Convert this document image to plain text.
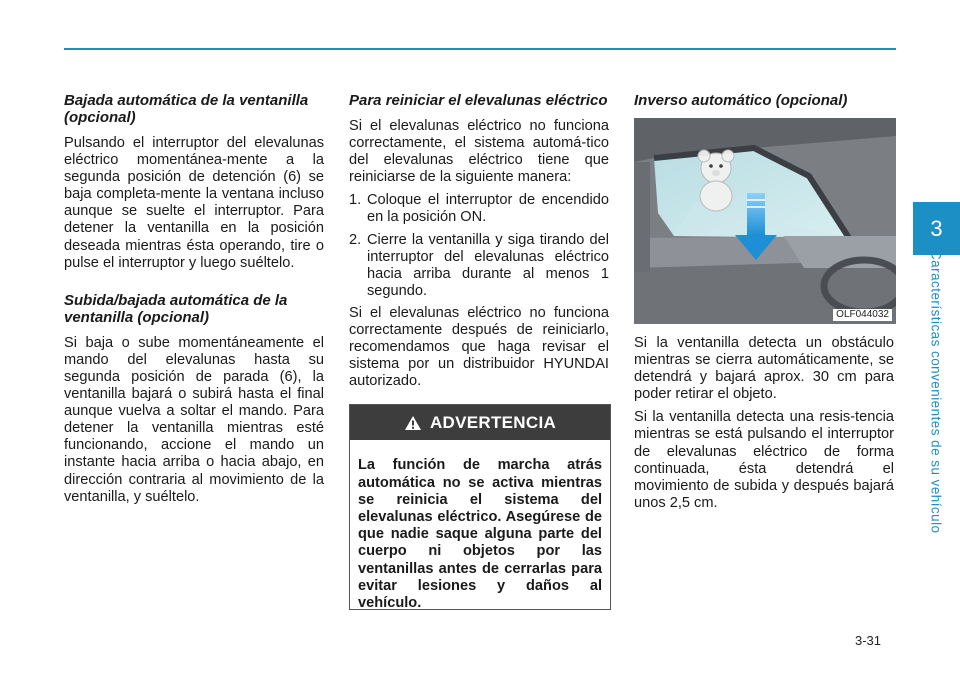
Bajada automática de la ventanilla (opcional)
Pulsando el interruptor del elevalunas eléctrico momentánea-mente a la segunda posición de detención (6) se baja completa-mente la ventana incluso aunque se suelte el interruptor. Para detener la ventanilla en la posición deseada mientras ésta operando, tire o pulse el interruptor y luego suéltelo.
Subida/bajada automática de la ventanilla (opcional)
Si baja o sube momentáneamente el mando del elevalunas hasta su segunda posición de parada (6), la ventanilla bajará o subirá hasta el final aunque vuelva a soltar el mando. Para detener la ventanilla mientras esté funcionando, accione el mando un instante hacia arriba o hacia abajo, en dirección contraria al movimiento de la ventanilla, y suéltelo.
Para reiniciar el elevalunas eléctrico
Si el elevalunas eléctrico no funciona correctamente, el sistema automá-tico del elevalunas eléctrico tiene que reiniciarse de la siguiente manera:
1. Coloque el interruptor de encendido en la posición ON.
2. Cierre la ventanilla y siga tirando del interruptor del elevalunas eléctrico hacia arriba durante al menos 1 segundo.
Si el elevalunas eléctrico no funciona correctamente después de reiniciarlo, recomendamos que haga revisar el sistema por un distribuidor HYUNDAI autorizado.
ADVERTENCIA
La función de marcha atrás automática no se activa mientras se reinicia el sistema del elevalunas eléctrico. Asegúrese de que nadie saque alguna parte del cuerpo ni objetos por las ventanillas antes de cerrarlas para evitar lesiones y daños al vehículo.
Inverso automático (opcional)
OLF044032
Si la ventanilla detecta un obstáculo mientras se cierra automáticamente, se detendrá y bajará aprox. 30 cm para poder retirar el objeto.
Si la ventanilla detecta una resis-tencia mientras se está pulsando el interruptor de elevalunas eléctrico de forma continuada, ésta detendrá el movimiento de subida y después bajará unos 2,5 cm.
3
Características convenientes de su vehículo
3-31
